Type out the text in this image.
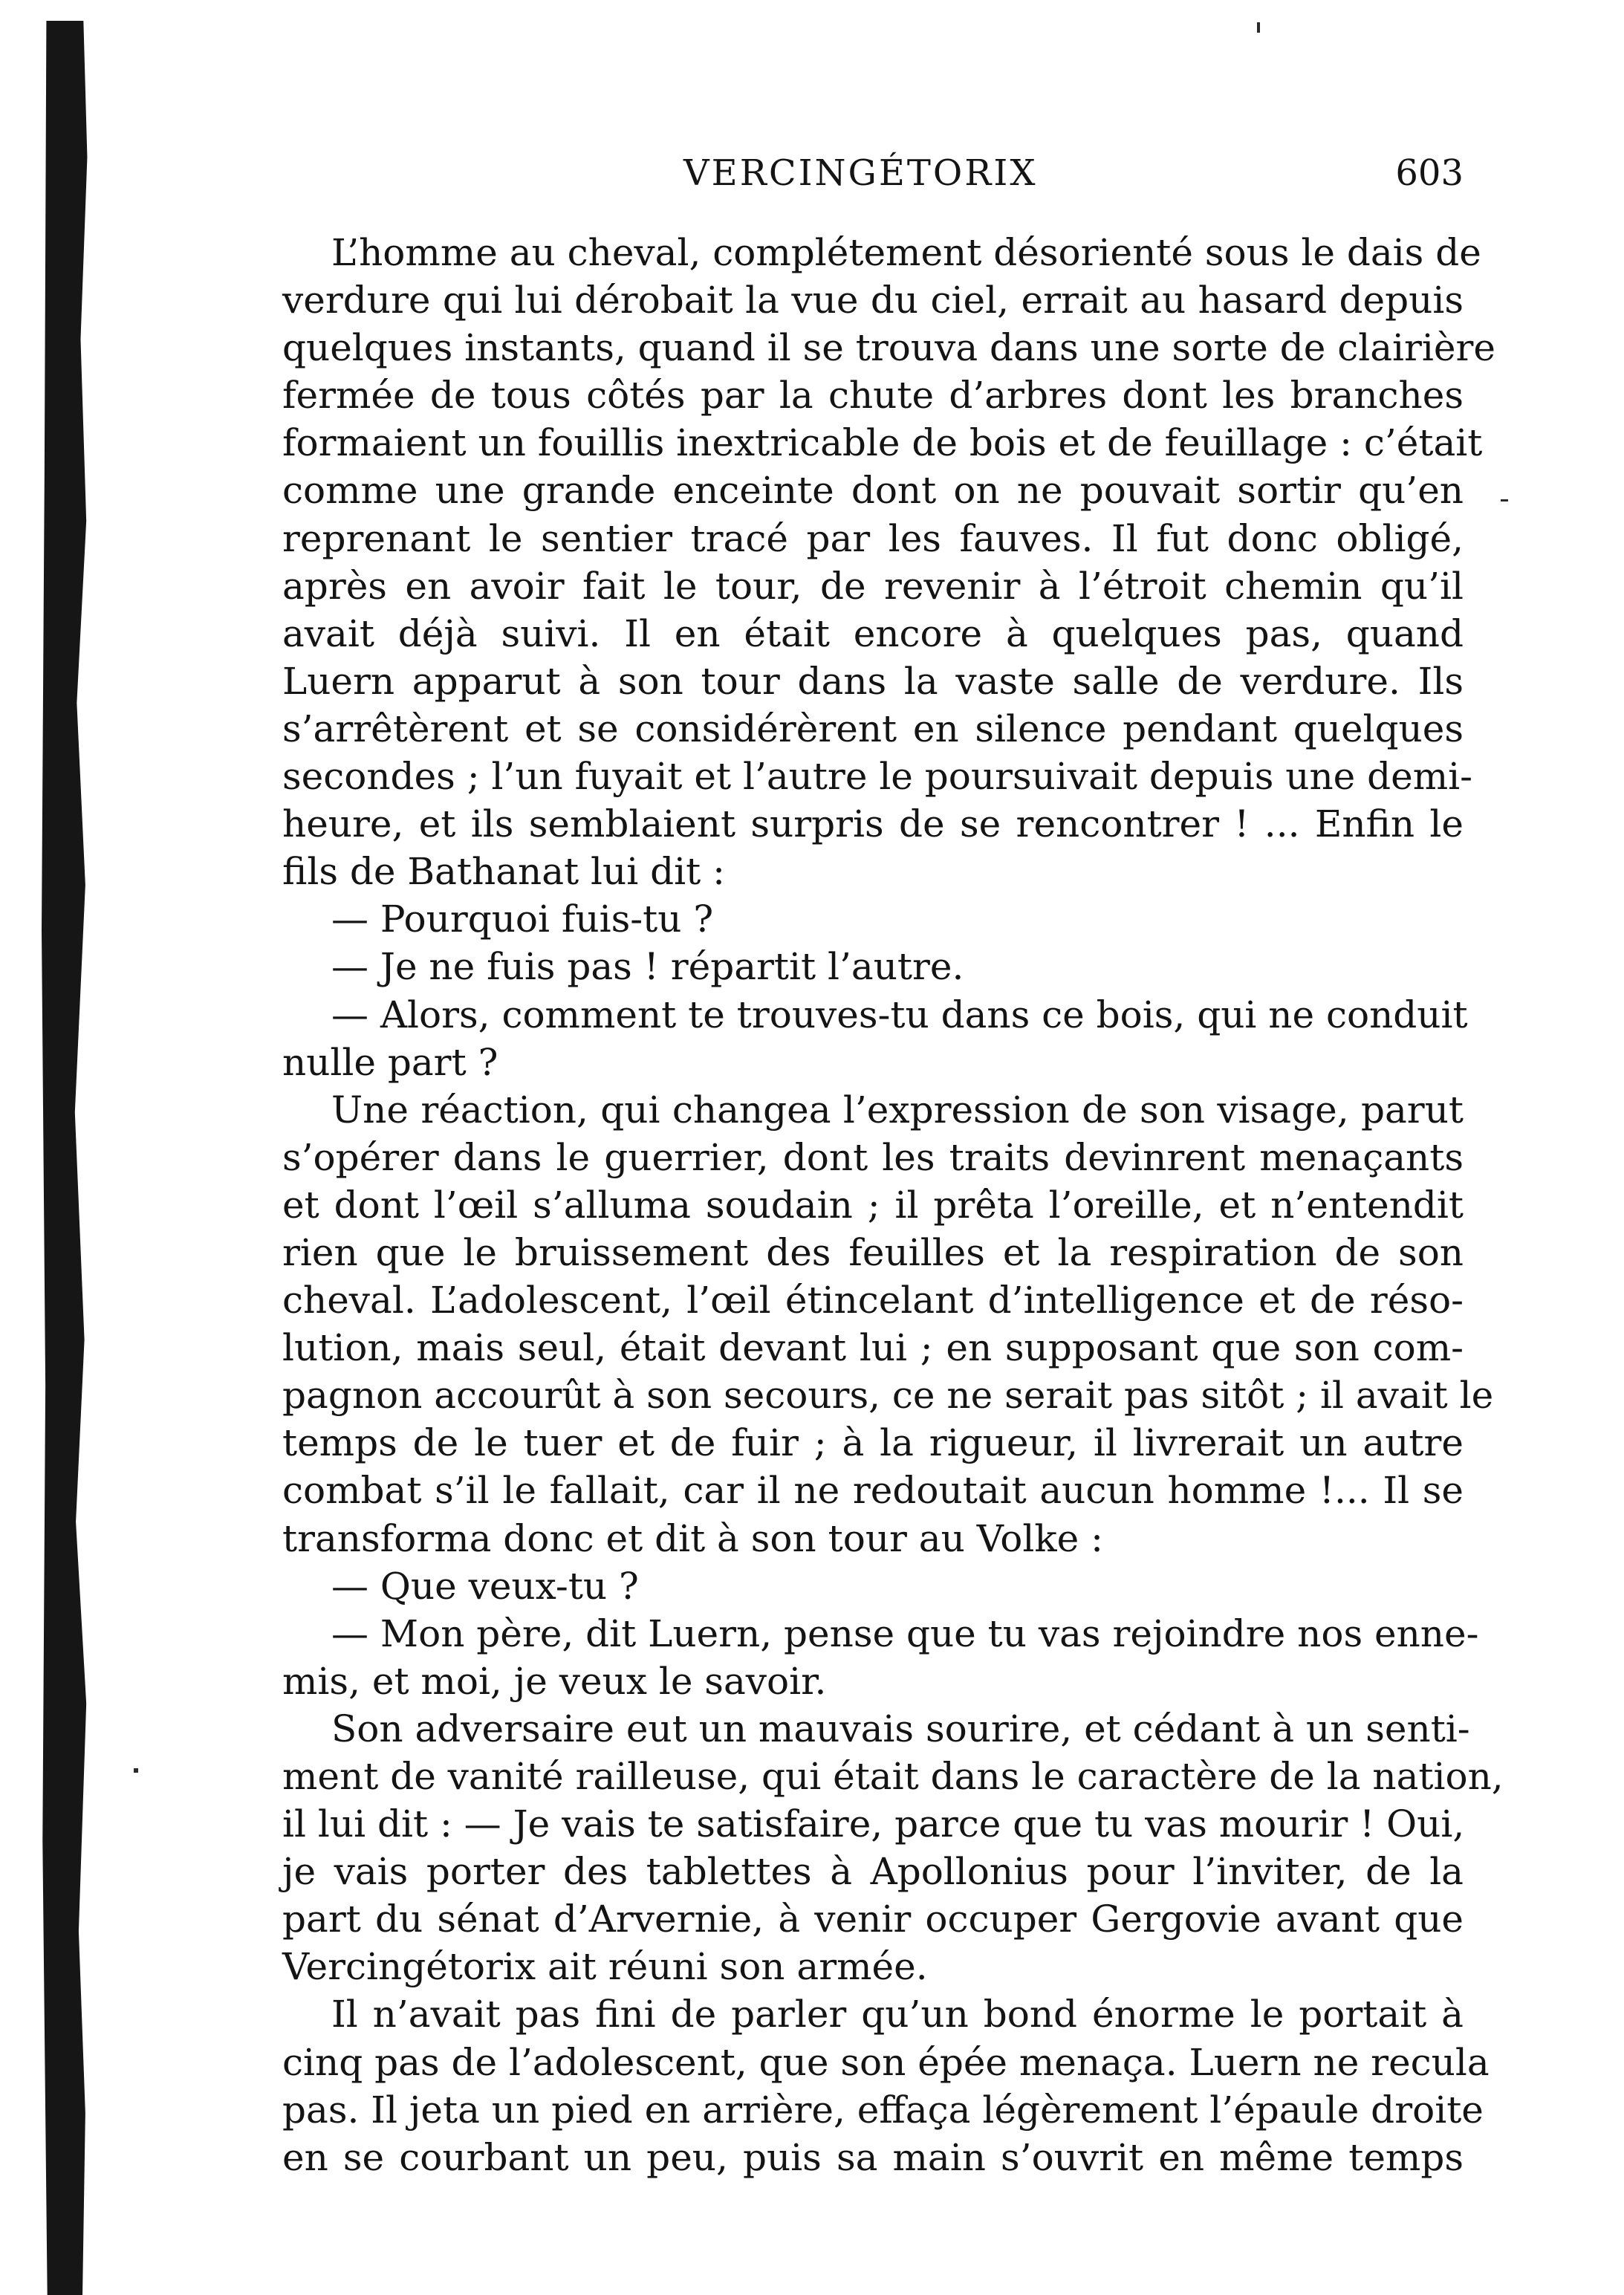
VERCINGÉTORIX	603
L’homme au cheval, complétement désorienté sous le dais de
verdure qui lui dérobait la vue du ciel, errait au hasard depuis
quelques instants, quand il se trouva dans une sorte de clairière
fermée de tous côtés par la chute d’arbres dont les branches
formaient un fouillis inextricable de bois et de feuillage : c’était
comme une grande enceinte dont on ne pouvait sortir qu’en
reprenant le sentier tracé par les fauves. Il fut donc obligé,
après en avoir fait le tour, de revenir à l’étroit chemin qu’il
avait déjà suivi. Il en était encore à quelques pas, quand
Luern apparut à son tour dans la vaste salle de verdure. Ils
s’arrêtèrent et se considérèrent en silence pendant quelques
secondes ; l’un fuyait et l’autre le poursuivait depuis une demi-
heure, et ils semblaient surpris de se rencontrer ! ... Enfin le
fils de Bathanat lui dit :
— Pourquoi fuis-tu ?
— Je ne fuis pas ! répartit l’autre.
— Alors, comment te trouves-tu dans ce bois, qui ne conduit
nulle part ?
Une réaction, qui changea l’expression de son visage, parut
s’opérer dans le guerrier, dont les traits devinrent menaçants
et dont l’œil s’alluma soudain ; il prêta l’oreille, et n’entendit
rien que le bruissement des feuilles et la respiration de son
cheval. L’adolescent, l’œil étincelant d’intelligence et de réso-
lution, mais seul, était devant lui ; en supposant que son com-
pagnon accourût à son secours, ce ne serait pas sitôt ; il avait le
temps de le tuer et de fuir ; à la rigueur, il livrerait un autre
combat s’il le fallait, car il ne redoutait aucun homme !... Il se
transforma donc et dit à son tour au Volke :
— Que veux-tu ?
— Mon père, dit Luern, pense que tu vas rejoindre nos enne-
mis, et moi, je veux le savoir.
Son adversaire eut un mauvais sourire, et cédant à un senti-
ment de vanité railleuse, qui était dans le caractère de la nation,
il lui dit : — Je vais te satisfaire, parce que tu vas mourir ! Oui,
je vais porter des tablettes à Apollonius pour l’inviter, de la
part du sénat d’Arvernie, à venir occuper Gergovie avant que
Vercingétorix ait réuni son armée.
Il n’avait pas fini de parler qu’un bond énorme le portait à
cinq pas de l’adolescent, que son épée menaça. Luern ne recula
pas. Il jeta un pied en arrière, effaça légèrement l’épaule droite
en se courbant un peu, puis sa main s’ouvrit en même temps
